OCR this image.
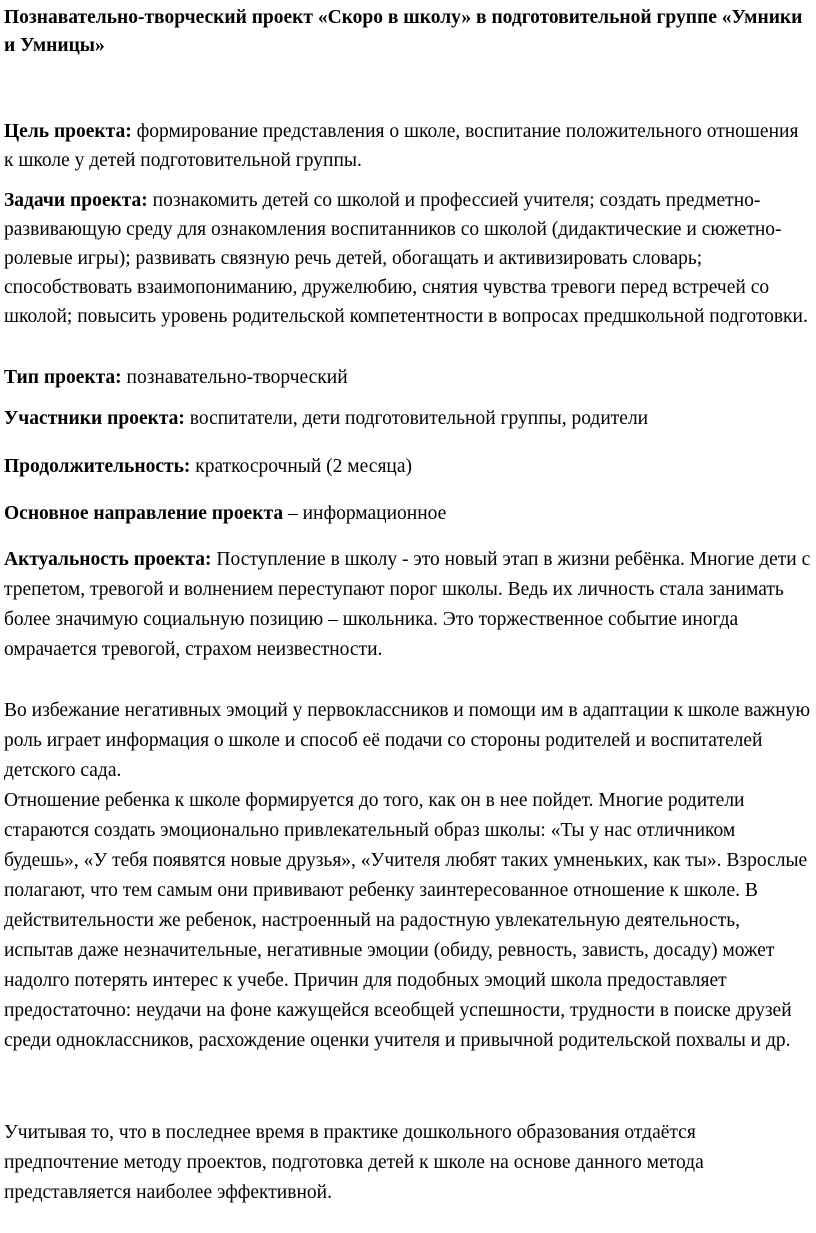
Познавательно-творческий проект «Скоро в школу» в подготовительной группе «Умники и Умницы»

Цель проекта: формирование представления о школе, воспитание положительного отношения к школе у детей подготовительной группы.

Задачи проекта: познакомить детей со школой и профессией учителя; создать предметно-развивающую среду для ознакомления воспитанников со школой (дидактические и сюжетно-ролевые игры); развивать связную речь детей, обогащать и активизировать словарь; способствовать взаимопониманию, дружелюбию, снятия чувства тревоги перед встречей со школой; повысить уровень родительской компетентности в вопросах предшкольной подготовки.

Тип проекта: познавательно-творческий

Участники проекта: воспитатели, дети подготовительной группы, родители

Продолжительность: краткосрочный (2 месяца)

Основное направление проекта – информационное

Актуальность проекта: Поступление в школу - это новый этап в жизни ребёнка. Многие дети с трепетом, тревогой и волнением переступают порог школы. Ведь их личность стала занимать более значимую социальную позицию – школьника. Это торжественное событие иногда омрачается тревогой, страхом неизвестности.

Во избежание негативных эмоций у первоклассников и помощи им в адаптации к школе важную роль играет информация о школе и способ её подачи со стороны родителей и воспитателей детского сада.

Отношение ребенка к школе формируется до того, как он в нее пойдет. Многие родители стараются создать эмоционально привлекательный образ школы: «Ты у нас отличником будешь», «У тебя появятся новые друзья», «Учителя любят таких умненьких, как ты». Взрослые полагают, что тем самым они прививают ребенку заинтересованное отношение к школе. В действительности же ребенок, настроенный на радостную увлекательную деятельность, испытав даже незначительные, негативные эмоции (обиду, ревность, зависть, досаду) может надолго потерять интерес к учебе. Причин для подобных эмоций школа предоставляет предостаточно: неудачи на фоне кажущейся всеобщей успешности, трудности в поиске друзей среди одноклассников, расхождение оценки учителя и привычной родительской похвалы и др.

Учитывая то, что в последнее время в практике дошкольного образования отдаётся предпочтение методу проектов, подготовка детей к школе на основе данного метода представляется наиболее эффективной.
